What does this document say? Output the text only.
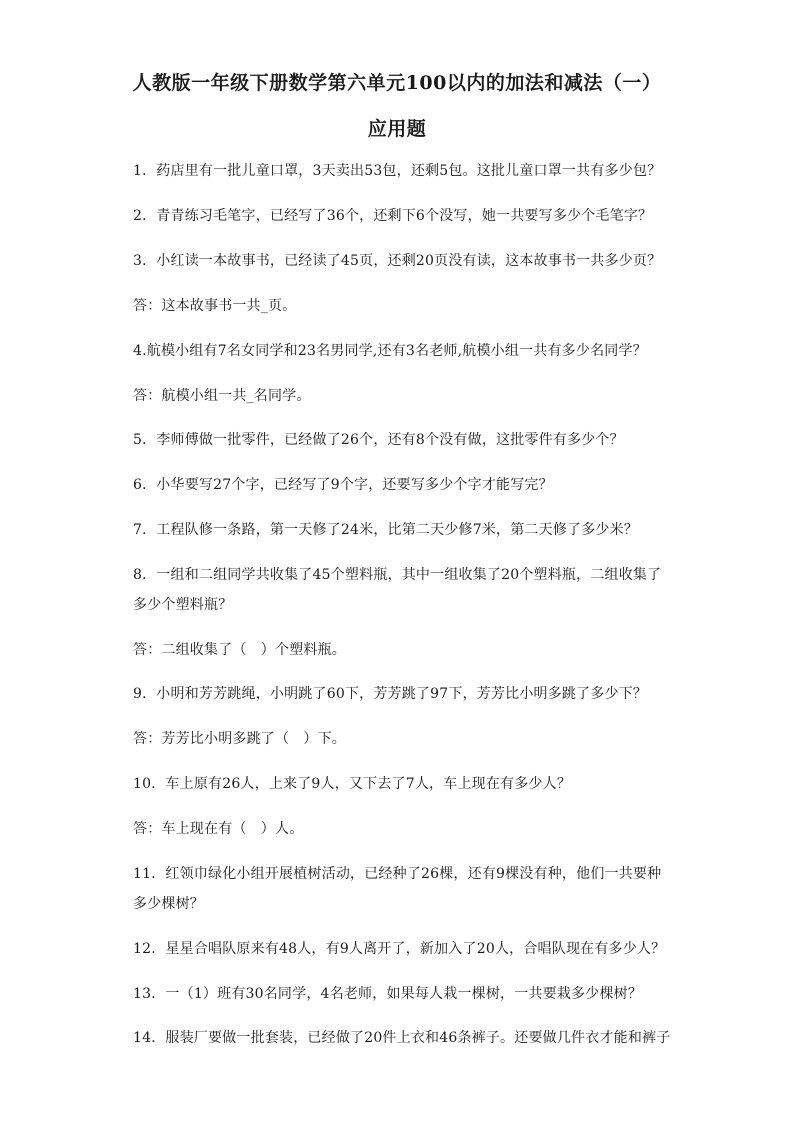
人教版一年级下册数学第六单元100以内的加法和减法（一）
应用题
1．药店里有一批儿童口罩，3天卖出53包，还剩5包。这批儿童口罩一共有多少包？
2．青青练习毛笔字，已经写了36个，还剩下6个没写，她一共要写多少个毛笔字？
3．小红读一本故事书，已经读了45页，还剩20页没有读，这本故事书一共多少页？
答：这本故事书一共_页。
4.航模小组有7名女同学和23名男同学,还有3名老师,航模小组一共有多少名同学？
答：航模小组一共_名同学。
5．李师傅做一批零件，已经做了26个，还有8个没有做，这批零件有多少个？
6．小华要写27个字，已经写了9个字，还要写多少个字才能写完？
7．工程队修一条路，第一天修了24米，比第二天少修7米，第二天修了多少米？
8．一组和二组同学共收集了45个塑料瓶，其中一组收集了20个塑料瓶，二组收集了
多少个塑料瓶？
答：二组收集了（　）个塑料瓶。
9．小明和芳芳跳绳，小明跳了60下，芳芳跳了97下，芳芳比小明多跳了多少下？
答：芳芳比小明多跳了（　）下。
10．车上原有26人，上来了9人，又下去了7人，车上现在有多少人？
答：车上现在有（　）人。
11．红领巾绿化小组开展植树活动，已经种了26棵，还有9棵没有种，他们一共要种
多少棵树？
12．星星合唱队原来有48人，有9人离开了，新加入了20人，合唱队现在有多少人？
13．一（1）班有30名同学，4名老师，如果每人栽一棵树，一共要栽多少棵树？
14．服装厂要做一批套装，已经做了20件上衣和46条裤子。还要做几件衣才能和裤子
